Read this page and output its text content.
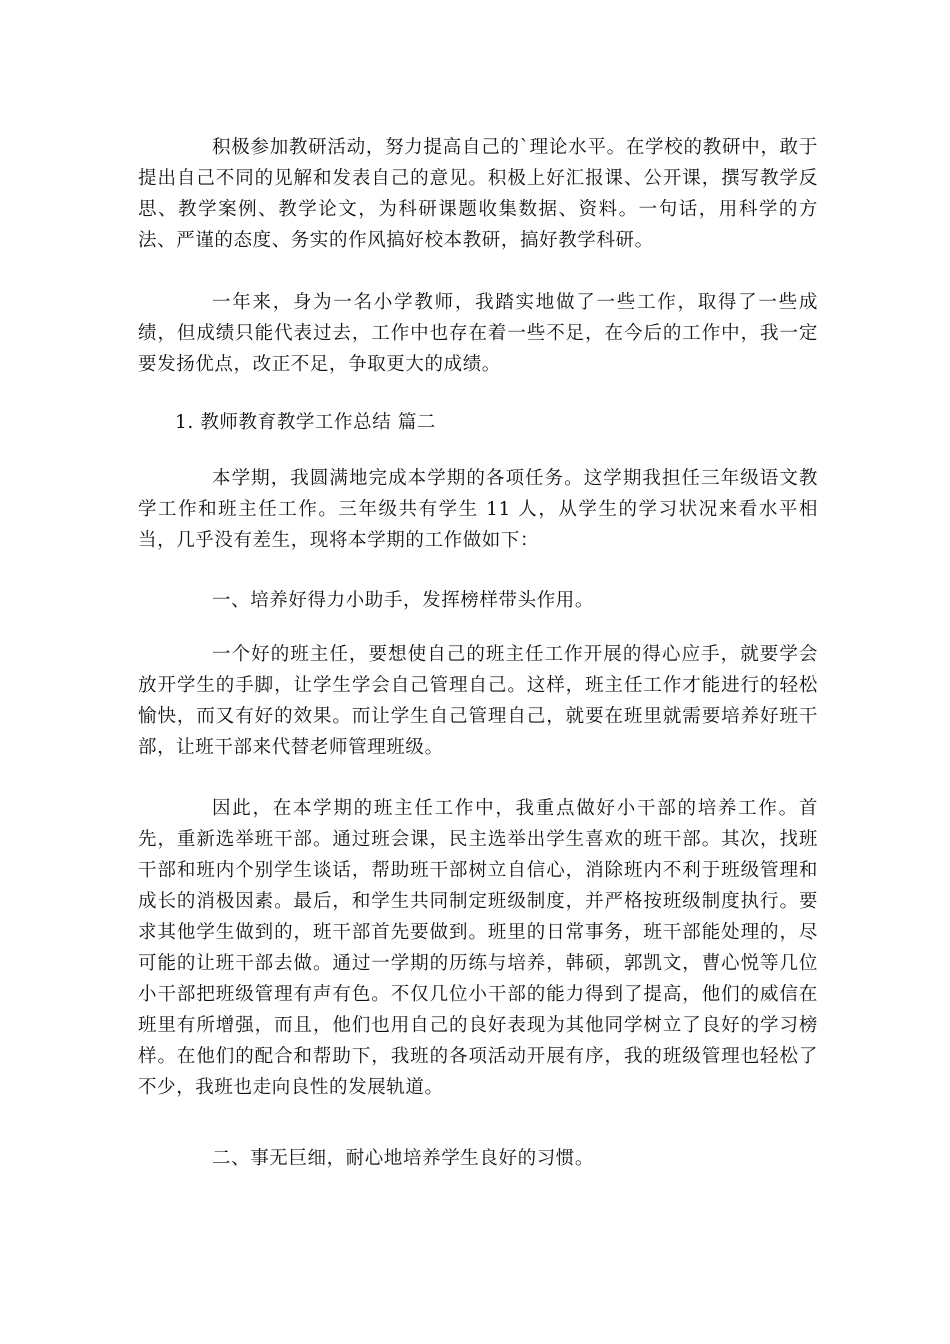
积极参加教研活动，努力提高自己的`理论水平。在学校的教研中，敢于提出自己不同的见解和发表自己的意见。积极上好汇报课、公开课，撰写教学反思、教学案例、教学论文，为科研课题收集数据、资料。一句话，用科学的方法、严谨的态度、务实的作风搞好校本教研，搞好教学科研。

一年来，身为一名小学教师，我踏实地做了一些工作，取得了一些成绩，但成绩只能代表过去，工作中也存在着一些不足，在今后的工作中，我一定要发扬优点，改正不足，争取更大的成绩。

1. 教师教育教学工作总结 篇二

本学期，我圆满地完成本学期的各项任务。这学期我担任三年级语文教学工作和班主任工作。三年级共有学生 11 人，从学生的学习状况来看水平相当，几乎没有差生，现将本学期的工作做如下：

一、培养好得力小助手，发挥榜样带头作用。

一个好的班主任，要想使自己的班主任工作开展的得心应手，就要学会放开学生的手脚，让学生学会自己管理自己。这样，班主任工作才能进行的轻松愉快，而又有好的效果。而让学生自己管理自己，就要在班里就需要培养好班干部，让班干部来代替老师管理班级。

因此，在本学期的班主任工作中，我重点做好小干部的培养工作。首先，重新选举班干部。通过班会课，民主选举出学生喜欢的班干部。其次，找班干部和班内个别学生谈话，帮助班干部树立自信心，消除班内不利于班级管理和成长的消极因素。最后，和学生共同制定班级制度，并严格按班级制度执行。要求其他学生做到的，班干部首先要做到。班里的日常事务，班干部能处理的，尽可能的让班干部去做。通过一学期的历练与培养，韩硕，郭凯文，曹心悦等几位小干部把班级管理有声有色。不仅几位小干部的能力得到了提高，他们的威信在班里有所增强，而且，他们也用自己的良好表现为其他同学树立了良好的学习榜样。在他们的配合和帮助下，我班的各项活动开展有序，我的班级管理也轻松了不少，我班也走向良性的发展轨道。

二、事无巨细，耐心地培养学生良好的习惯。
